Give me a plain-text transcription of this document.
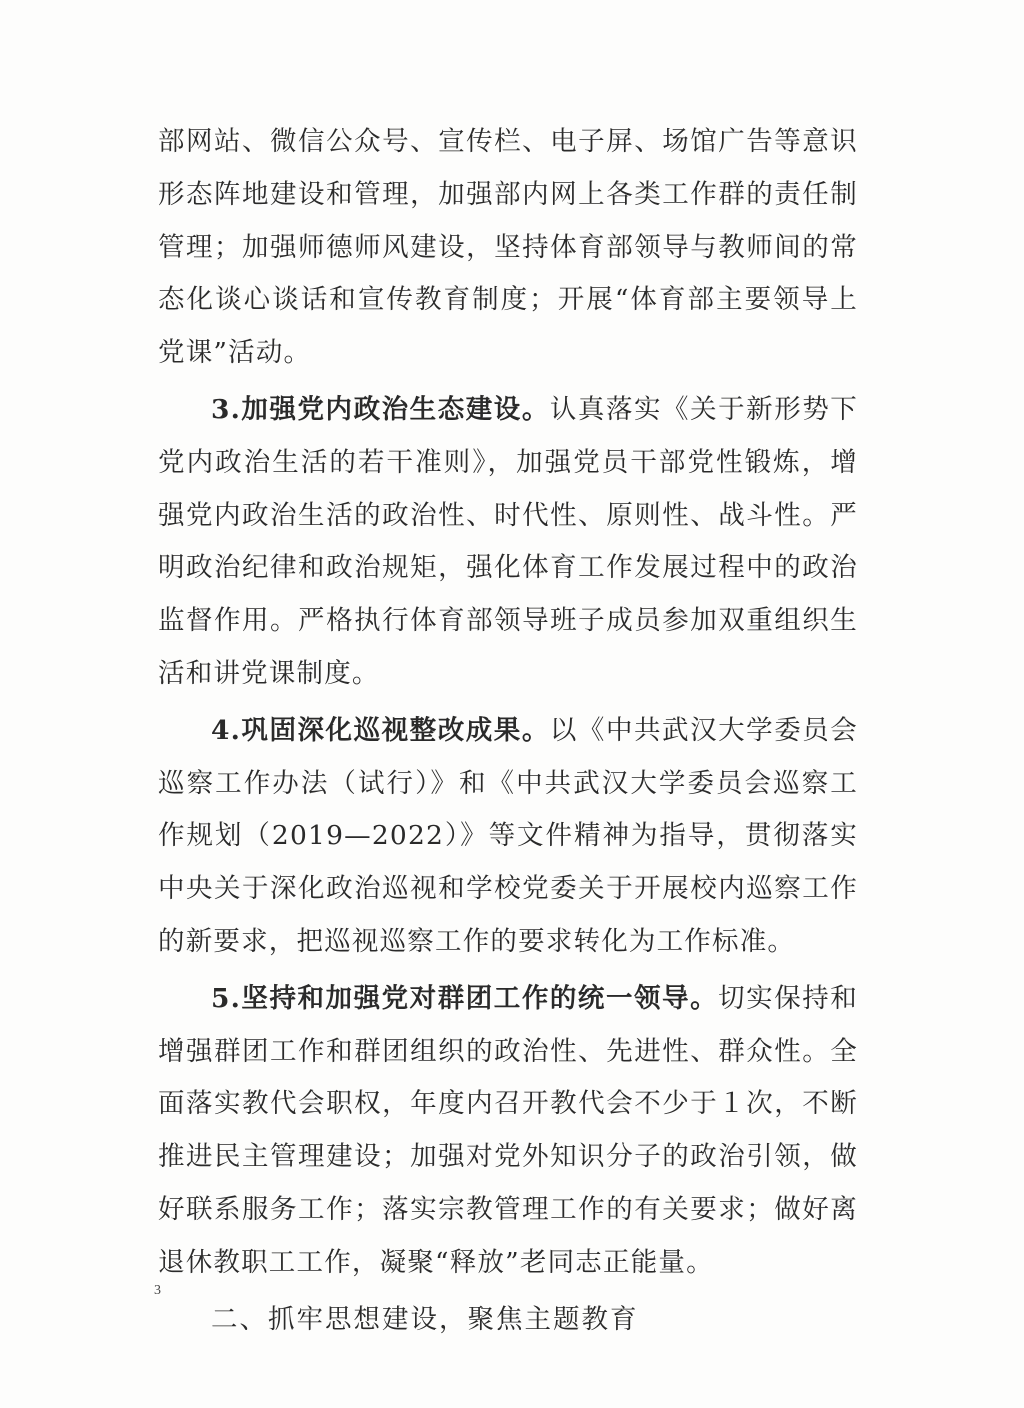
部网站、微信公众号、宣传栏、电子屏、场馆广告等意识形态阵地建设和管理，加强部内网上各类工作群的责任制管理；加强师德师风建设，坚持体育部领导与教师间的常态化谈心谈话和宣传教育制度；开展“体育部主要领导上党课”活动。

3.加强党内政治生态建设。认真落实《关于新形势下党内政治生活的若干准则》，加强党员干部党性锻炼，增强党内政治生活的政治性、时代性、原则性、战斗性。严明政治纪律和政治规矩，强化体育工作发展过程中的政治监督作用。严格执行体育部领导班子成员参加双重组织生活和讲党课制度。

4.巩固深化巡视整改成果。以《中共武汉大学委员会巡察工作办法（试行）》和《中共武汉大学委员会巡察工作规划（2019—2022）》等文件精神为指导，贯彻落实中央关于深化政治巡视和学校党委关于开展校内巡察工作的新要求，把巡视巡察工作的要求转化为工作标准。

5.坚持和加强党对群团工作的统一领导。切实保持和增强群团工作和群团组织的政治性、先进性、群众性。全面落实教代会职权，年度内召开教代会不少于１次，不断推进民主管理建设；加强对党外知识分子的政治引领，做好联系服务工作；落实宗教管理工作的有关要求；做好离退休教职工工作，凝聚“释放”老同志正能量。

二、抓牢思想建设，聚焦主题教育

3
